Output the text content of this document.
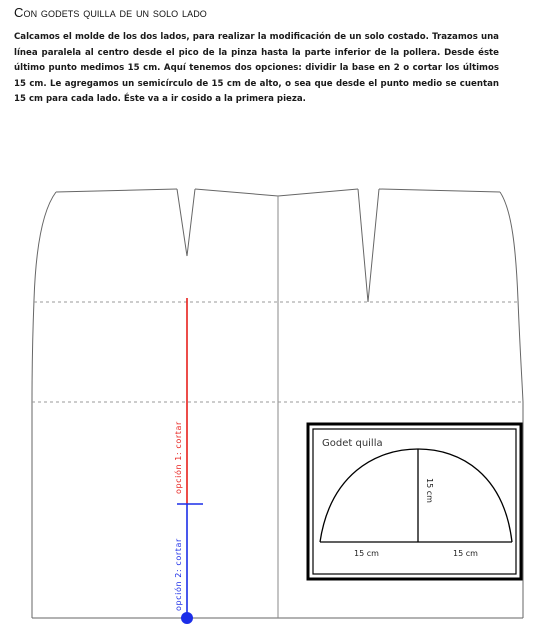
Con godets quilla de un solo lado
Calcamos el molde de los dos lados, para realizar la modificación de un solo costado. Trazamos una línea paralela al centro desde el pico de la pinza hasta la parte inferior de la pollera. Desde éste último punto medimos 15 cm. Aquí tenemos dos opciones: dividir la base en 2 o cortar los últimos 15 cm. Le agregamos un semicírculo de 15 cm de alto, o sea que desde el punto medio se cuentan 15 cm para cada lado. Éste va a ir cosido a la primera pieza.
opción 1: cortar
opción 2: cortar
Godet quilla
15 cm
15 cm	15 cm
